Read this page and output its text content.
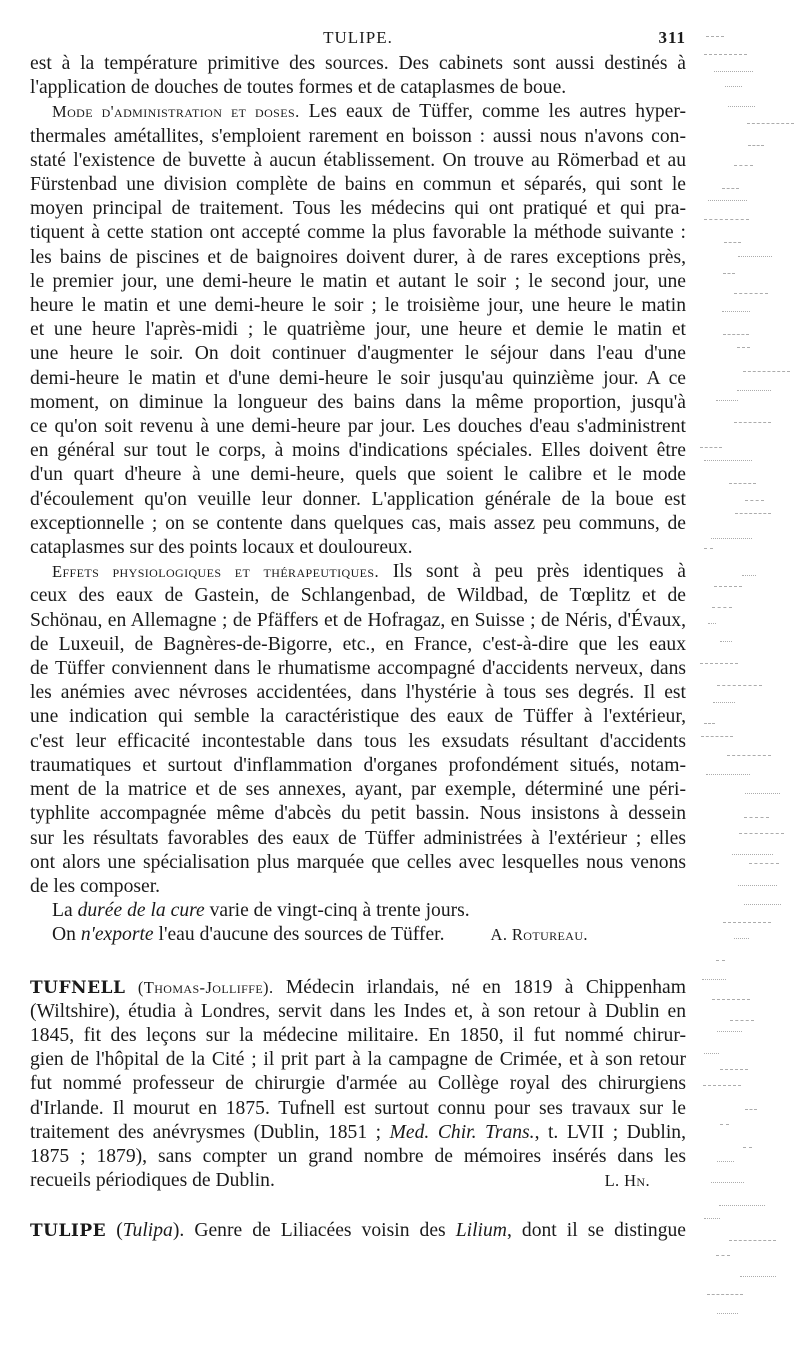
TULIPE.	311
est à la température primitive des sources. Des cabinets sont aussi destinés à
l'application de douches de toutes formes et de cataplasmes de boue.
Mode d'administration et doses. Les eaux de Tüffer, comme les autres hyper-
thermales amétallites, s'emploient rarement en boisson : aussi nous n'avons con-
staté l'existence de buvette à aucun établissement. On trouve au Römerbad et au
Fürstenbad une division complète de bains en commun et séparés, qui sont le
moyen principal de traitement. Tous les médecins qui ont pratiqué et qui pra-
tiquent à cette station ont accepté comme la plus favorable la méthode suivante :
les bains de piscines et de baignoires doivent durer, à de rares exceptions près,
le premier jour, une demi-heure le matin et autant le soir ; le second jour, une
heure le matin et une demi-heure le soir ; le troisième jour, une heure le matin
et une heure l'après-midi ; le quatrième jour, une heure et demie le matin et
une heure le soir. On doit continuer d'augmenter le séjour dans l'eau d'une
demi-heure le matin et d'une demi-heure le soir jusqu'au quinzième jour. A ce
moment, on diminue la longueur des bains dans la même proportion, jusqu'à
ce qu'on soit revenu à une demi-heure par jour. Les douches d'eau s'administrent
en général sur tout le corps, à moins d'indications spéciales. Elles doivent être
d'un quart d'heure à une demi-heure, quels que soient le calibre et le mode
d'écoulement qu'on veuille leur donner. L'application générale de la boue est
exceptionnelle ; on se contente dans quelques cas, mais assez peu communs, de
cataplasmes sur des points locaux et douloureux.
Effets physiologiques et thérapeutiques. Ils sont à peu près identiques à
ceux des eaux de Gastein, de Schlangenbad, de Wildbad, de Tœplitz et de
Schönau, en Allemagne ; de Pfäffers et de Hofragaz, en Suisse ; de Néris, d'Évaux,
de Luxeuil, de Bagnères-de-Bigorre, etc., en France, c'est-à-dire que les eaux
de Tüffer conviennent dans le rhumatisme accompagné d'accidents nerveux, dans
les anémies avec névroses accidentées, dans l'hystérie à tous ses degrés. Il est
une indication qui semble la caractéristique des eaux de Tüffer à l'extérieur,
c'est leur efficacité incontestable dans tous les exsudats résultant d'accidents
traumatiques et surtout d'inflammation d'organes profondément situés, notam-
ment de la matrice et de ses annexes, ayant, par exemple, déterminé une péri-
typhlite accompagnée même d'abcès du petit bassin. Nous insistons à dessein
sur les résultats favorables des eaux de Tüffer administrées à l'extérieur ; elles
ont alors une spécialisation plus marquée que celles avec lesquelles nous venons
de les composer.
La durée de la cure varie de vingt-cinq à trente jours.
On n'exporte l'eau d'aucune des sources de Tüffer.	A. Rotureau.
TUFNELL (Thomas-Jolliffe). Médecin irlandais, né en 1819 à Chippenham
(Wiltshire), étudia à Londres, servit dans les Indes et, à son retour à Dublin en
1845, fit des leçons sur la médecine militaire. En 1850, il fut nommé chirur-
gien de l'hôpital de la Cité ; il prit part à la campagne de Crimée, et à son retour
fut nommé professeur de chirurgie d'armée au Collège royal des chirurgiens
d'Irlande. Il mourut en 1875. Tufnell est surtout connu pour ses travaux sur le
traitement des anévrysmes (Dublin, 1851 ; Med. Chir. Trans., t. LVII ; Dublin,
1875 ; 1879), sans compter un grand nombre de mémoires insérés dans les
recueils périodiques de Dublin.	L. Hn.
TULIPE (Tulipa). Genre de Liliacées voisin des Lilium, dont il se distingue
